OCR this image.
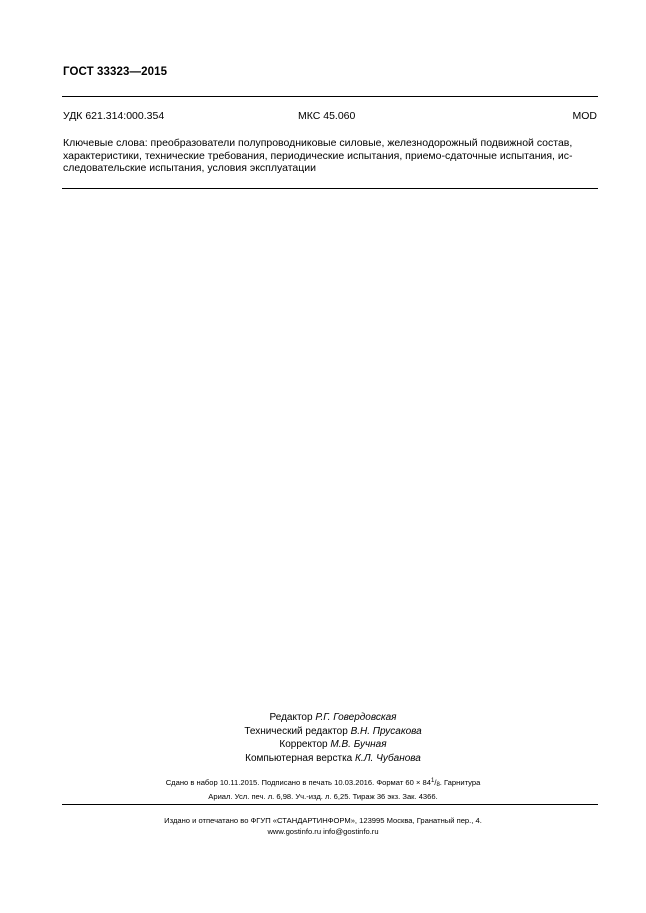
ГОСТ 33323—2015
УДК 621.314:000.354	МКС 45.060	MOD
Ключевые слова: преобразователи полупроводниковые силовые, железнодорожный подвижной состав,
характеристики, технические требования, периодические испытания, приемо-сдаточные испытания, ис-
следовательские испытания, условия эксплуатации
Редактор Р.Г. Говердовская
Технический редактор В.Н. Прусакова
Корректор М.В. Бучная
Компьютерная верстка К.Л. Чубанова
Сдано в набор 10.11.2015. Подписано в печать 10.03.2016. Формат $60 \times 84^1/_8$. Гарнитура
Ариал. Усл. печ. л. 6,98. Уч.-изд. л. 6,25. Тираж 36 экз. Зак. 4366.
Издано и отпечатано во ФГУП «СТАНДАРТИНФОРМ», 123995 Москва, Гранатный пер., 4.
www.gostinfo.ru info@gostinfo.ru
